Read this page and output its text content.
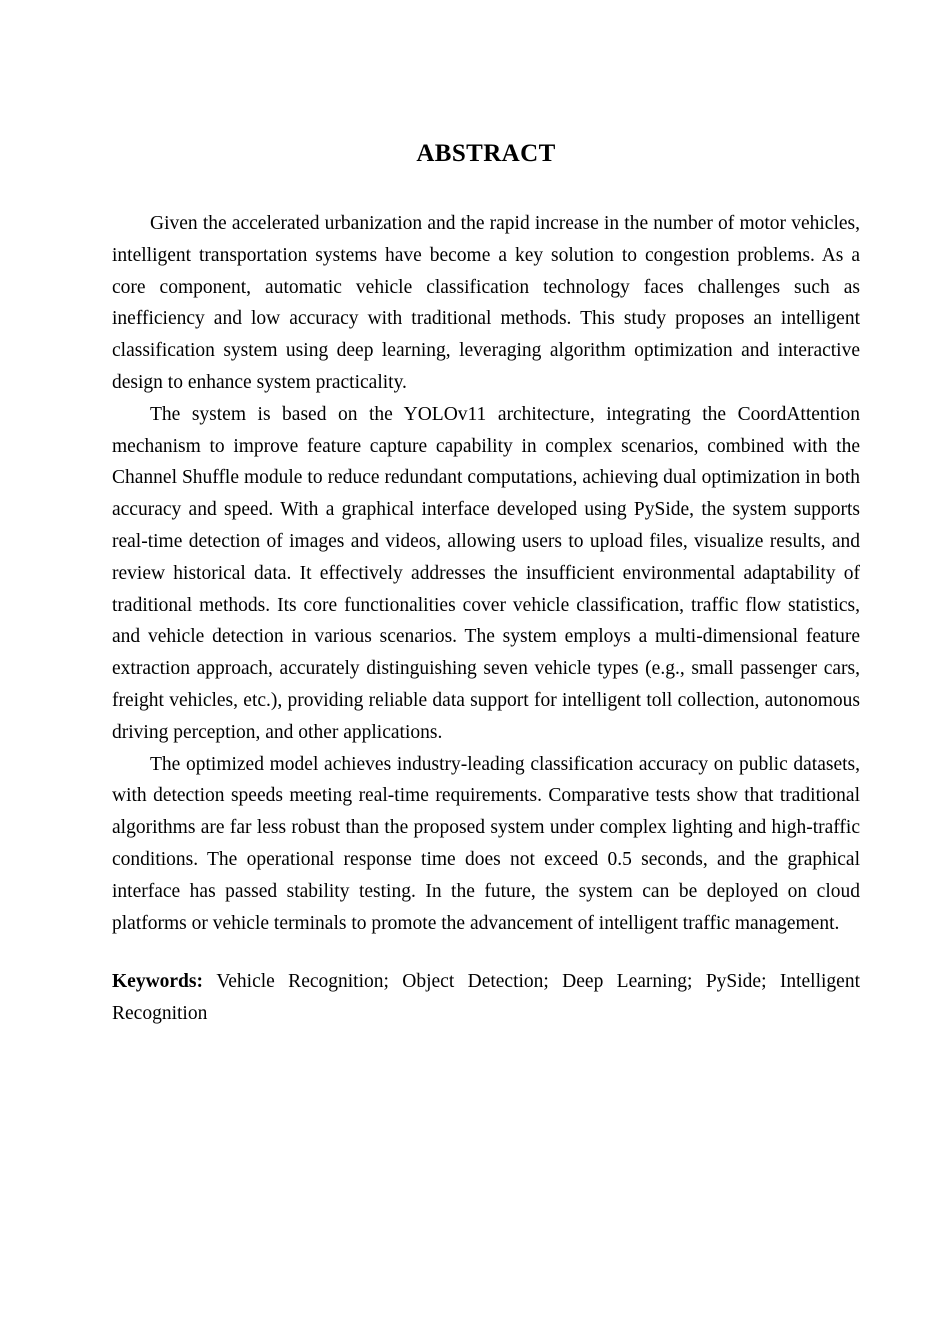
ABSTRACT

Given the accelerated urbanization and the rapid increase in the number of motor vehicles, intelligent transportation systems have become a key solution to congestion problems. As a core component, automatic vehicle classification technology faces challenges such as inefficiency and low accuracy with traditional methods. This study proposes an intelligent classification system using deep learning, leveraging algorithm optimization and interactive design to enhance system practicality.

The system is based on the YOLOv11 architecture, integrating the CoordAttention mechanism to improve feature capture capability in complex scenarios, combined with the Channel Shuffle module to reduce redundant computations, achieving dual optimization in both accuracy and speed. With a graphical interface developed using PySide, the system supports real-time detection of images and videos, allowing users to upload files, visualize results, and review historical data. It effectively addresses the insufficient environmental adaptability of traditional methods. Its core functionalities cover vehicle classification, traffic flow statistics, and vehicle detection in various scenarios. The system employs a multi-dimensional feature extraction approach, accurately distinguishing seven vehicle types (e.g., small passenger cars, freight vehicles, etc.), providing reliable data support for intelligent toll collection, autonomous driving perception, and other applications.

The optimized model achieves industry-leading classification accuracy on public datasets, with detection speeds meeting real-time requirements. Comparative tests show that traditional algorithms are far less robust than the proposed system under complex lighting and high-traffic conditions. The operational response time does not exceed 0.5 seconds, and the graphical interface has passed stability testing. In the future, the system can be deployed on cloud platforms or vehicle terminals to promote the advancement of intelligent traffic management.

Keywords: Vehicle Recognition; Object Detection; Deep Learning; PySide; Intelligent Recognition
